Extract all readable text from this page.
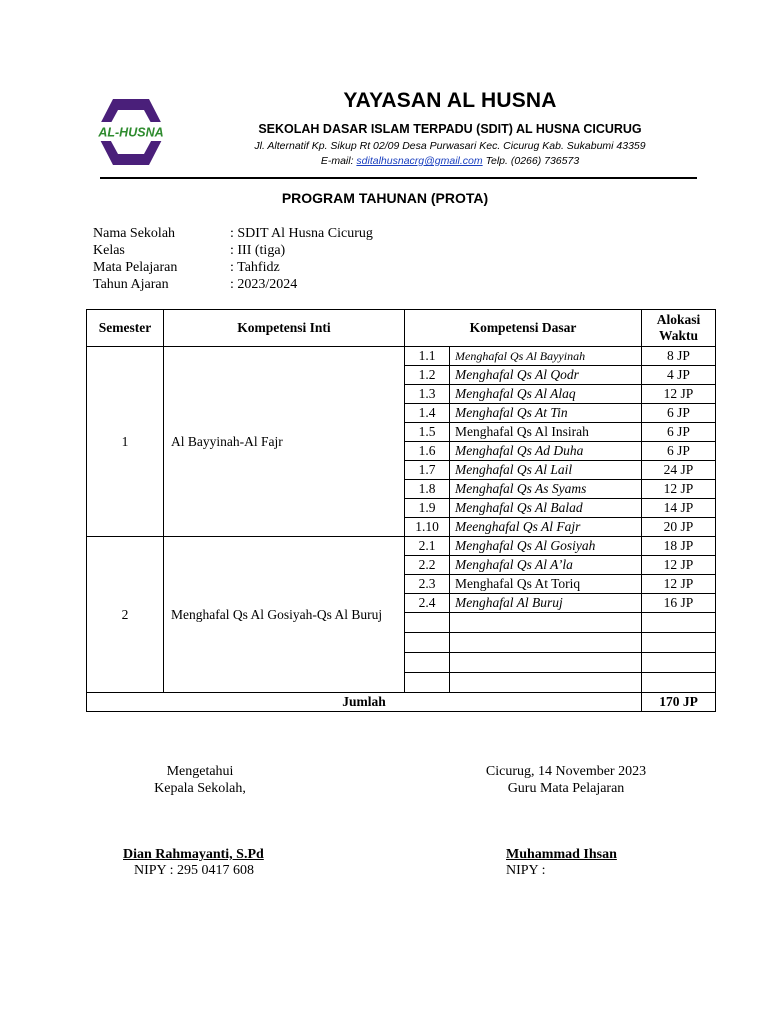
AL-HUSNA
YAYASAN AL HUSNA
SEKOLAH DASAR ISLAM TERPADU (SDIT) AL HUSNA CICURUG
Jl. Alternatif Kp. Sikup Rt 02/09 Desa Purwasari Kec. Cicurug Kab. Sukabumi 43359
E-mail: sditalhusnacrg@gmail.com Telp. (0266) 736573
PROGRAM TAHUNAN (PROTA)
Nama Sekolah	: SDIT Al Husna Cicurug
Kelas	: III (tiga)
Mata Pelajaran	: Tahfidz
Tahun Ajaran	: 2023/2024
Semester	Kompetensi Inti	Kompetensi Dasar		Alokasi Waktu
1	Al Bayyinah-Al Fajr	1.1	Menghafal Qs Al Bayyinah	8 JP
		1.2	Menghafal Qs Al Qodr	4 JP
		1.3	Menghafal Qs Al Alaq	12 JP
		1.4	Menghafal Qs At Tin	6 JP
		1.5	Menghafal Qs Al Insirah	6 JP
		1.6	Menghafal Qs Ad Duha	6 JP
		1.7	Menghafal Qs Al Lail	24 JP
		1.8	Menghafal Qs As Syams	12 JP
		1.9	Menghafal Qs Al Balad	14 JP
		1.10	Meenghafal Qs Al Fajr	20 JP
2	Menghafal Qs Al Gosiyah-Qs Al Buruj	2.1	Menghafal Qs Al Gosiyah	18 JP
		2.2	Menghafal Qs Al A’la	12 JP
		2.3	Menghafal Qs At Toriq	12 JP
		2.4	Menghafal Al Buruj	16 JP

Jumlah				170 JP
Mengetahui
Kepala Sekolah,
Cicurug, 14 November 2023
Guru Mata Pelajaran
Dian Rahmayanti, S.Pd
NIPY : 295 0417 608
Muhammad Ihsan
NIPY :
